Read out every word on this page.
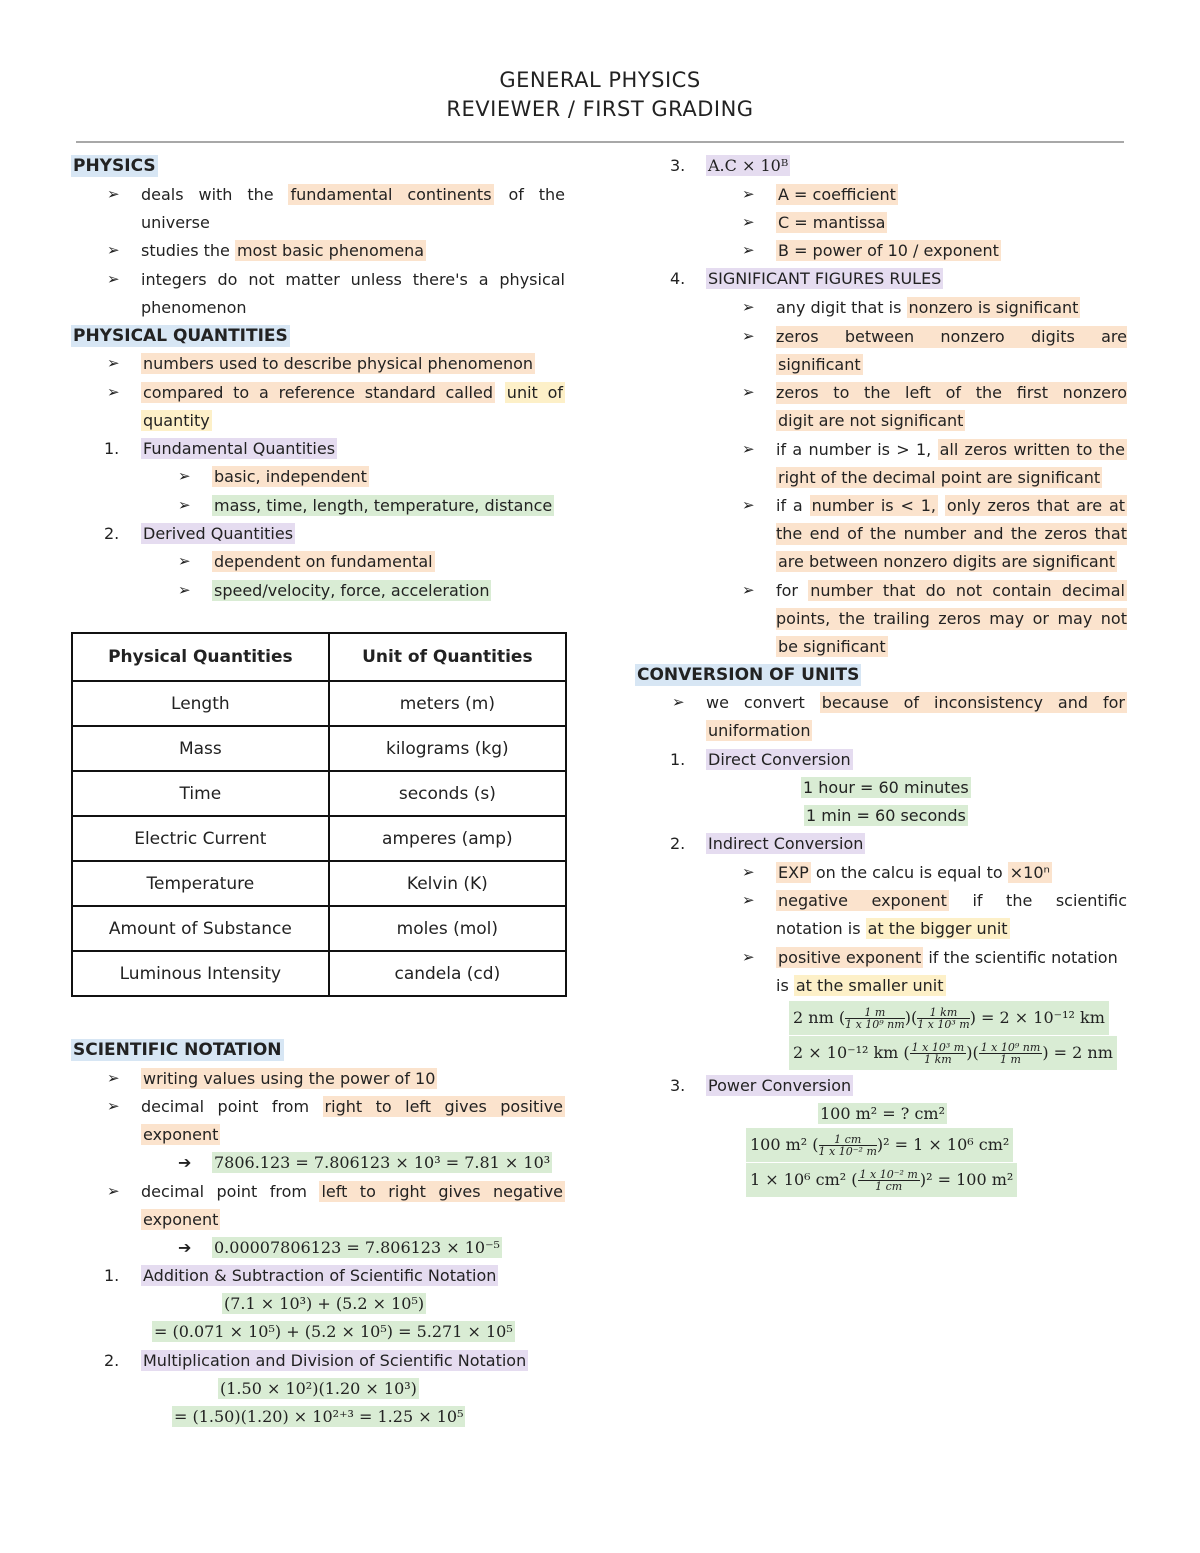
GENERAL PHYSICS
REVIEWER / FIRST GRADING
PHYSICS
➢ deals with the fundamental continents of the
universe
➢ studies the most basic phenomena
➢ integers do not matter unless there's a physical
phenomenon
PHYSICAL QUANTITIES
➢ numbers used to describe physical phenomenon
➢ compared to a reference standard called unit of
quantity
1. Fundamental Quantities
➢ basic, independent
➢ mass, time, length, temperature, distance
2. Derived Quantities
➢ dependent on fundamental
➢ speed/velocity, force, acceleration
Physical Quantities	Unit of Quantities
Length	meters (m)
Mass	kilograms (kg)
Time	seconds (s)
Electric Current	amperes (amp)
Temperature	Kelvin (K)
Amount of Substance	moles (mol)
Luminous Intensity	candela (cd)
SCIENTIFIC NOTATION
➢ writing values using the power of 10
➢ decimal point from right to left gives positive
exponent
➔ 7806.123 = 7.806123 × 10³ = 7.81 × 10³
➢ decimal point from left to right gives negative
exponent
➔ 0.00007806123 = 7.806123 × 10⁻⁵
1. Addition & Subtraction of Scientific Notation
(7.1 × 10³) + (5.2 × 10⁵)
= (0.071 × 10⁵) + (5.2 × 10⁵) = 5.271 × 10⁵
2. Multiplication and Division of Scientific Notation
(1.50 × 10²)(1.20 × 10³)
= (1.50)(1.20) × 10²⁺³ = 1.25 × 10⁵
3. A.C × 10ᴮ
➢ A = coefficient
➢ C = mantissa
➢ B = power of 10 / exponent
4. SIGNIFICANT FIGURES RULES
➢ any digit that is nonzero is significant
➢ zeros between nonzero digits are
significant
➢ zeros to the left of the first nonzero
digit are not significant
➢ if a number is > 1, all zeros written to the
right of the decimal point are significant
➢ if a number is < 1, only zeros that are at
the end of the number and the zeros that
are between nonzero digits are significant
➢ for number that do not contain decimal
points, the trailing zeros may or may not
be significant
CONVERSION OF UNITS
➢ we convert because of inconsistency and for
uniformation
1. Direct Conversion
1 hour = 60 minutes
1 min = 60 seconds
2. Indirect Conversion
➢ EXP on the calcu is equal to ×10ⁿ
➢ negative exponent if the scientific
notation is at the bigger unit
➢ positive exponent if the scientific notation
is at the smaller unit
2 nm ( $\frac{1 m}{\text{1 x 10⁹ nm}}$ )( $\frac{1 km}{\text{1 x 10³ m}}$ ) = 2 × 10⁻¹² km
2 × 10⁻¹² km ( $\frac{\text{1 x 10³ m}}{1 km}$ )( $\frac{\text{1 x 10⁹ nm}}{1 m}$ ) = 2 nm
3. Power Conversion
100 m² = ? cm²
100 m² ( $\frac{1 cm}{\text{1 x 10⁻² m}} )^2 = 1 \times 10^6$ cm²
1 × 10⁶ cm² ( $\frac{\text{1 x 10⁻² m}}{1 cm} )^2 = 100$ m²
